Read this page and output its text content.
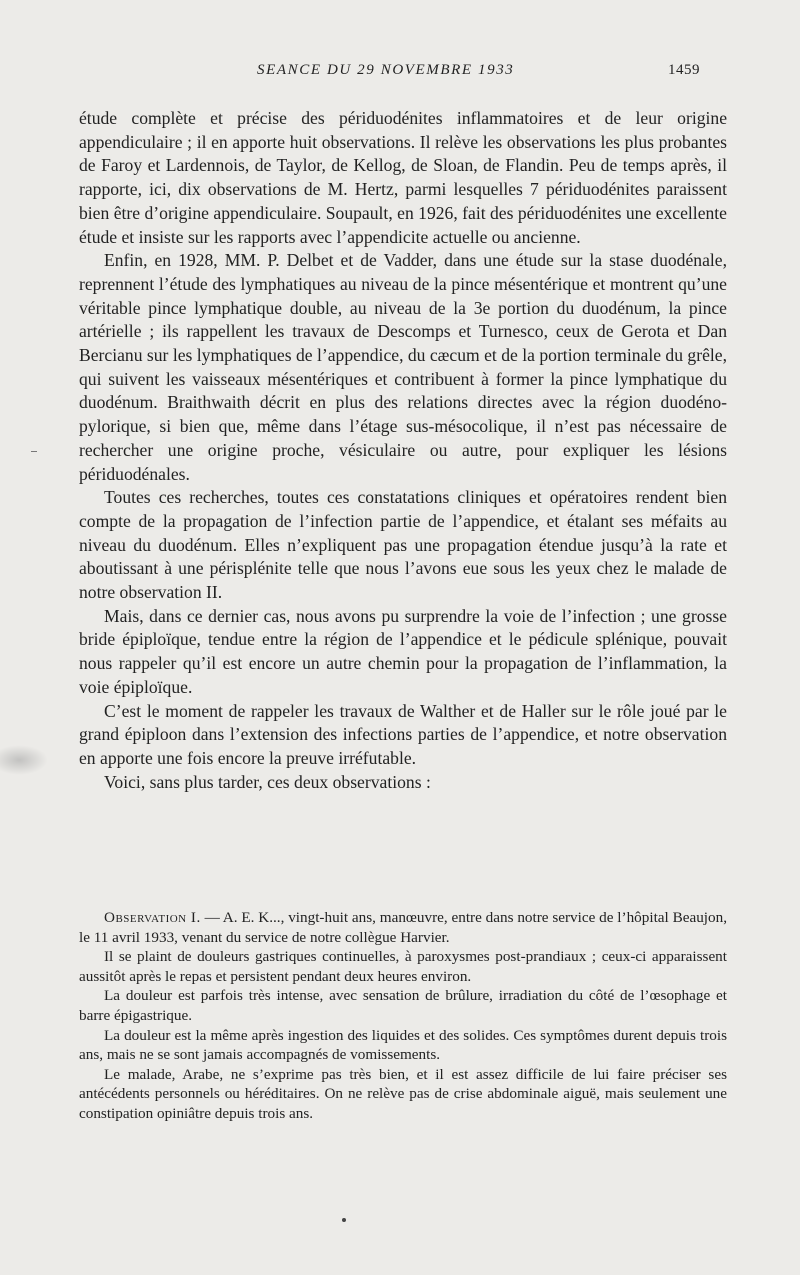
SEANCE DU 29 NOVEMBRE 1933	1459

étude complète et précise des périduodénites inflammatoires et de leur origine appendiculaire ; il en apporte huit observations. Il relève les observations les plus probantes de Faroy et Lardennois, de Taylor, de Kellog, de Sloan, de Flandin. Peu de temps après, il rapporte, ici, dix observations de M. Hertz, parmi lesquelles 7 périduodénites paraissent bien être d’origine appendiculaire. Soupault, en 1926, fait des périduodénites une excellente étude et insiste sur les rapports avec l’appendicite actuelle ou ancienne.

Enfin, en 1928, MM. P. Delbet et de Vadder, dans une étude sur la stase duodénale, reprennent l’étude des lymphatiques au niveau de la pince mésentérique et montrent qu’une véritable pince lymphatique double, au niveau de la 3e portion du duodénum, la pince artérielle ; ils rappellent les travaux de Descomps et Turnesco, ceux de Gerota et Dan Bercianu sur les lymphatiques de l’appendice, du cæcum et de la portion terminale du grêle, qui suivent les vaisseaux mésentériques et contribuent à former la pince lymphatique du duodénum. Braithwaith décrit en plus des relations directes avec la région duodéno-pylorique, si bien que, même dans l’étage sus-mésocolique, il n’est pas nécessaire de rechercher une origine proche, vésiculaire ou autre, pour expliquer les lésions périduodénales.

Toutes ces recherches, toutes ces constatations cliniques et opératoires rendent bien compte de la propagation de l’infection partie de l’appendice, et étalant ses méfaits au niveau du duodénum. Elles n’expliquent pas une propagation étendue jusqu’à la rate et aboutissant à une périsplénite telle que nous l’avons eue sous les yeux chez le malade de notre observation II.

Mais, dans ce dernier cas, nous avons pu surprendre la voie de l’infection ; une grosse bride épiploïque, tendue entre la région de l’appendice et le pédicule splénique, pouvait nous rappeler qu’il est encore un autre chemin pour la propagation de l’inflammation, la voie épiploïque.

C’est le moment de rappeler les travaux de Walther et de Haller sur le rôle joué par le grand épiploon dans l’extension des infections parties de l’appendice, et notre observation en apporte une fois encore la preuve irréfutable.

Voici, sans plus tarder, ces deux observations :

Observation I. — A. E. K..., vingt-huit ans, manœuvre, entre dans notre service de l’hôpital Beaujon, le 11 avril 1933, venant du service de notre collègue Harvier.

Il se plaint de douleurs gastriques continuelles, à paroxysmes post-prandiaux ; ceux-ci apparaissent aussitôt après le repas et persistent pendant deux heures environ.

La douleur est parfois très intense, avec sensation de brûlure, irradiation du côté de l’œsophage et barre épigastrique.

La douleur est la même après ingestion des liquides et des solides. Ces symptômes durent depuis trois ans, mais ne se sont jamais accompagnés de vomissements.

Le malade, Arabe, ne s’exprime pas très bien, et il est assez difficile de lui faire préciser ses antécédents personnels ou héréditaires. On ne relève pas de crise abdominale aiguë, mais seulement une constipation opiniâtre depuis trois ans.
